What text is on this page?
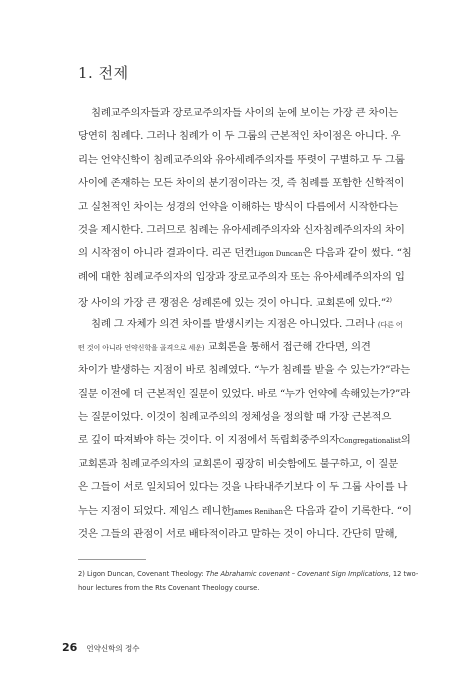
1. 전제
침례교주의자들과 장로교주의자들 사이의 눈에 보이는 가장 큰 차이는
당연히 침례다. 그러나 침례가 이 두 그룹의 근본적인 차이점은 아니다. 우
리는 언약신학이 침례교주의와 유아세례주의자를 뚜렷이 구별하고 두 그룹
사이에 존재하는 모든 차이의 분기점이라는 것, 즉 침례를 포함한 신학적이
고 실천적인 차이는 성경의 언약을 이해하는 방식이 다름에서 시작한다는
것을 제시한다. 그러므로 침례는 유아세례주의자와 신자침례주의자의 차이
의 시작점이 아니라 결과이다. 리곤 던컨Ligon Duncan은 다음과 같이 썼다. “침
례에 대한 침례교주의자의 입장과 장로교주의자 또는 유아세례주의자의 입
장 사이의 가장 큰 쟁점은 성례론에 있는 것이 아니다. 교회론에 있다.”$^{2)}$
침례 그 자체가 의견 차이를 발생시키는 지점은 아니었다. 그러나 (다른 어
떤 것이 아니라 언약신학을 골격으로 세운) 교회론을 통해서 접근해 간다면, 의견
차이가 발생하는 지점이 바로 침례였다. “누가 침례를 받을 수 있는가?”라는
질문 이전에 더 근본적인 질문이 있었다. 바로 “누가 언약에 속해있는가?”라
는 질문이었다. 이것이 침례교주의의 정체성을 정의할 때 가장 근본적으
로 깊이 따져봐야 하는 것이다. 이 지점에서 독립회중주의자Congregationalist의
교회론과 침례교주의자의 교회론이 굉장히 비슷함에도 불구하고, 이 질문
은 그들이 서로 일치되어 있다는 것을 나타내주기보다 이 두 그룹 사이를 나
누는 지점이 되었다. 제임스 레니한James Renihan은 다음과 같이 기록한다. “이
것은 그들의 관점이 서로 배타적이라고 말하는 것이 아니다. 간단히 말해,
2) Ligon Duncan, Covenant Theology: The Abrahamic covenant – Covenant Sign Implications, 12 two-
hour lectures from the Rts Covenant Theology course.
26 언약신학의 정수
